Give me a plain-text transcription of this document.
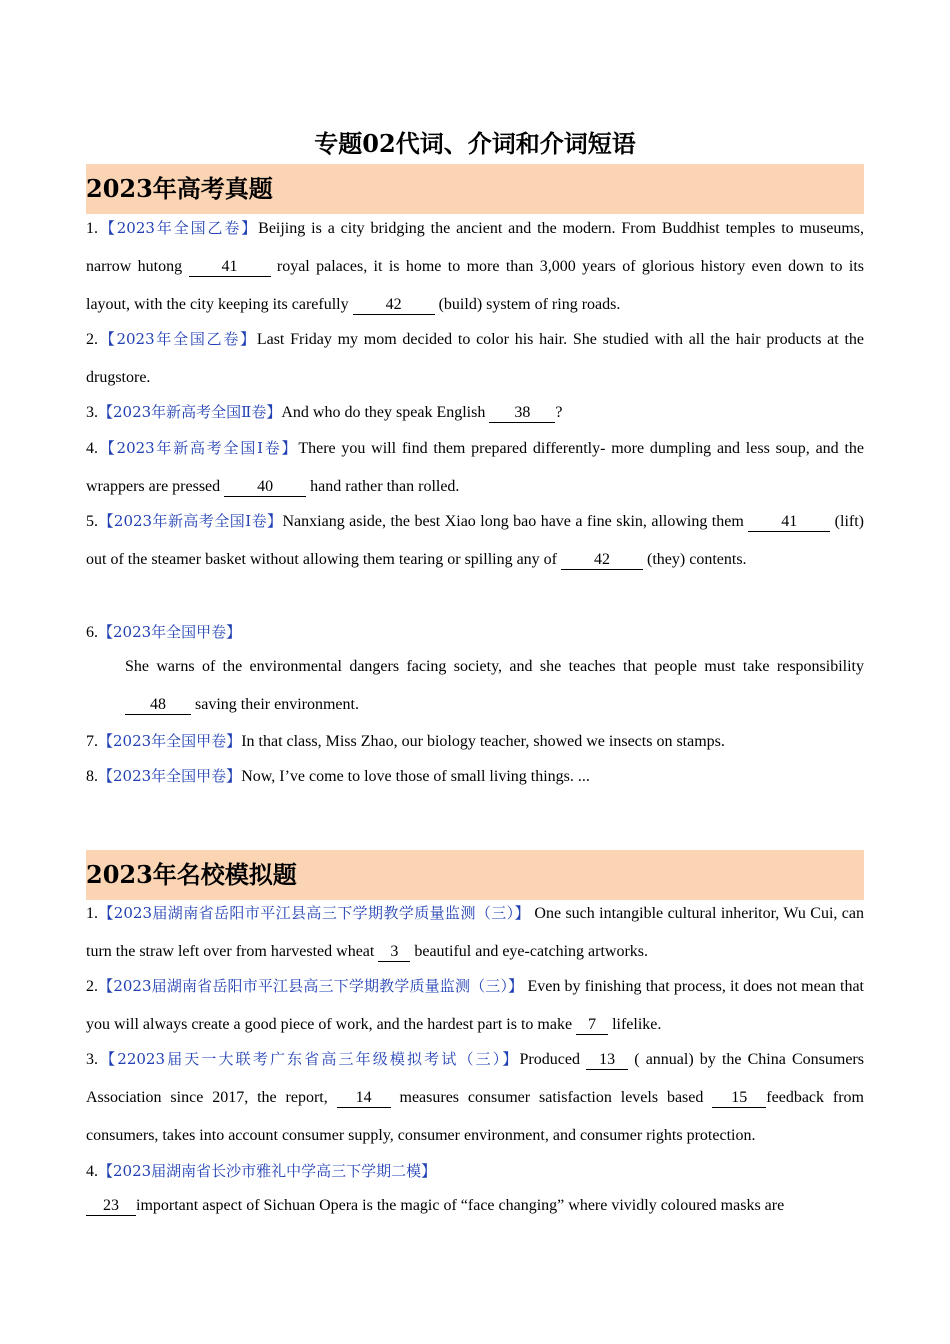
专题02代词、介词和介词短语
2023年高考真题
1.【2023年全国乙卷】Beijing is a city bridging the ancient and the modern. From Buddhist temples to museums, narrow hutong 41 royal palaces, it is home to more than 3,000 years of glorious history even down to its layout, with the city keeping its carefully 42 (build) system of ring roads.
2.【2023年全国乙卷】Last Friday my mom decided to color his hair. She studied with all the hair products at the drugstore.
3.【2023年新高考全国Ⅱ卷】And who do they speak English 38 ?
4.【2023年新高考全国Ⅰ卷】There you will find them prepared differently- more dumpling and less soup, and the wrappers are pressed 40 hand rather than rolled.
5.【2023年新高考全国Ⅰ卷】Nanxiang aside, the best Xiao long bao have a fine skin, allowing them 41 (lift) out of the steamer basket without allowing them tearing or spilling any of 42 (they) contents.
6.【2023年全国甲卷】
She warns of the environmental dangers facing society, and she teaches that people must take responsibility 48 saving their environment.
7.【2023年全国甲卷】In that class, Miss Zhao, our biology teacher, showed we insects on stamps.
8.【2023年全国甲卷】Now, I’ve come to love those of small living things. ...
2023年名校模拟题
1.【2023届湖南省岳阳市平江县高三下学期教学质量监测（三）】 One such intangible cultural inheritor, Wu Cui, can turn the straw left over from harvested wheat 3 beautiful and eye-catching artworks.
2.【2023届湖南省岳阳市平江县高三下学期教学质量监测（三）】 Even by finishing that process, it does not mean that you will always create a good piece of work, and the hardest part is to make 7 lifelike.
3.【22023届天一大联考广东省高三年级模拟考试（三）】Produced 13 ( annual) by the China Consumers Association since 2017, the report, 14 measures consumer satisfaction levels based 15 feedback from consumers, takes into account consumer supply, consumer environment, and consumer rights protection.
4.【2023届湖南省长沙市雅礼中学高三下学期二模】
23 important aspect of Sichuan Opera is the magic of “face changing” where vividly coloured masks are
